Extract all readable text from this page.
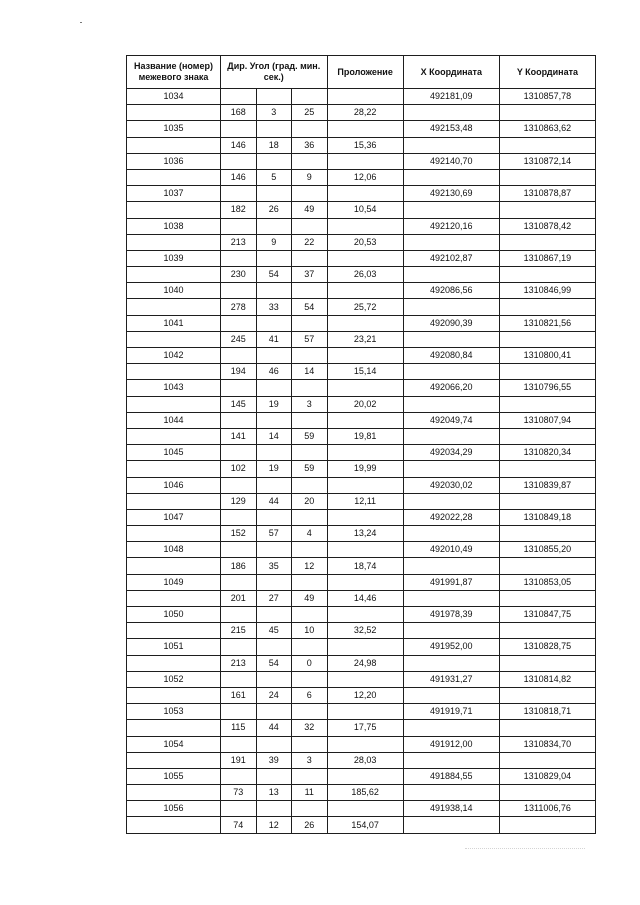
Название (номер) межевого знака	Дир. Угол (град. мин. сек.)			Проложение	X Координата	Y Координата
1034					492181,09	1310857,78
	168	3	25	28,22		
1035					492153,48	1310863,62
	146	18	36	15,36		
1036					492140,70	1310872,14
	146	5	9	12,06		
1037					492130,69	1310878,87
	182	26	49	10,54		
1038					492120,16	1310878,42
	213	9	22	20,53		
1039					492102,87	1310867,19
	230	54	37	26,03		
1040					492086,56	1310846,99
	278	33	54	25,72		
1041					492090,39	1310821,56
	245	41	57	23,21		
1042					492080,84	1310800,41
	194	46	14	15,14		
1043					492066,20	1310796,55
	145	19	3	20,02		
1044					492049,74	1310807,94
	141	14	59	19,81		
1045					492034,29	1310820,34
	102	19	59	19,99		
1046					492030,02	1310839,87
	129	44	20	12,11		
1047					492022,28	1310849,18
	152	57	4	13,24		
1048					492010,49	1310855,20
	186	35	12	18,74		
1049					491991,87	1310853,05
	201	27	49	14,46		
1050					491978,39	1310847,75
	215	45	10	32,52		
1051					491952,00	1310828,75
	213	54	0	24,98		
1052					491931,27	1310814,82
	161	24	6	12,20		
1053					491919,71	1310818,71
	115	44	32	17,75		
1054					491912,00	1310834,70
	191	39	3	28,03		
1055					491884,55	1310829,04
	73	13	11	185,62		
1056					491938,14	1311006,76
	74	12	26	154,07		
